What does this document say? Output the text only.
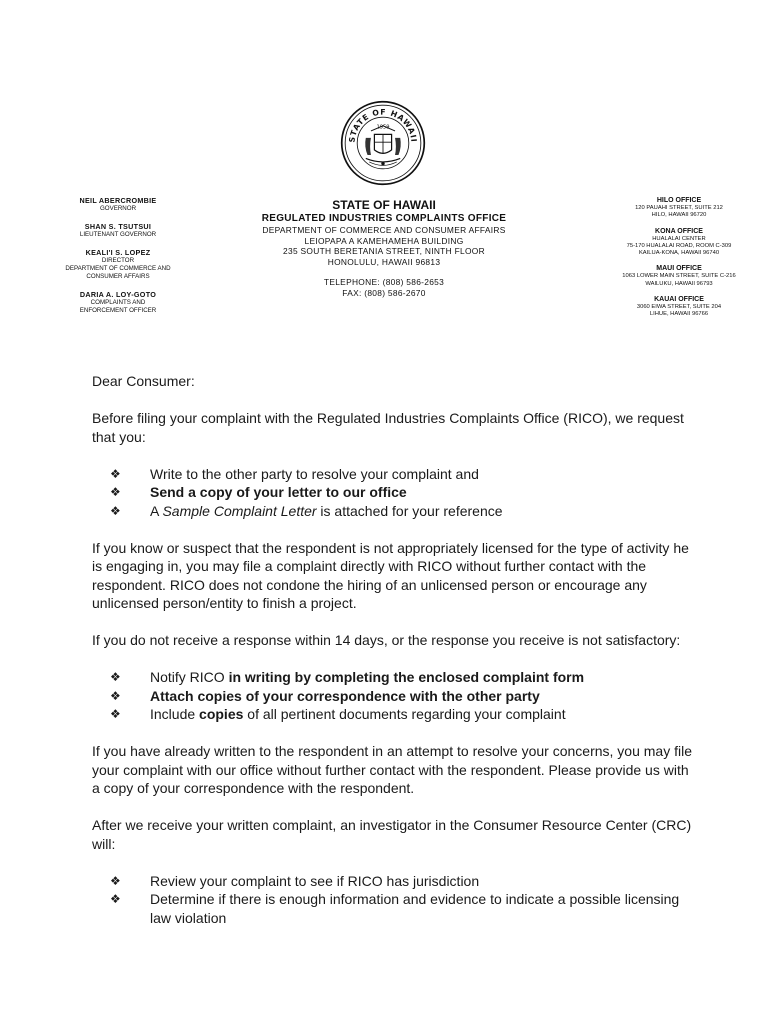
STATE OF HAWAII
1959
NEIL ABERCROMBIE
GOVERNOR
SHAN S. TSUTSUI
LIEUTENANT GOVERNOR
KEALI'I S. LOPEZ
DIRECTOR
DEPARTMENT OF COMMERCE AND
CONSUMER AFFAIRS
DARIA A. LOY-GOTO
COMPLAINTS AND
ENFORCEMENT OFFICER
STATE OF HAWAII
REGULATED INDUSTRIES COMPLAINTS OFFICE
DEPARTMENT OF COMMERCE AND CONSUMER AFFAIRS
LEIOPAPA A KAMEHAMEHA BUILDING
235 SOUTH BERETANIA STREET, NINTH FLOOR
HONOLULU, HAWAII 96813
TELEPHONE: (808) 586-2653
FAX: (808) 586-2670
HILO OFFICE
120 PAUAHI STREET, SUITE 212
HILO, HAWAII 96720
KONA OFFICE
HUALALAI CENTER
75-170 HUALALAI ROAD, ROOM C-309
KAILUA-KONA, HAWAII 96740
MAUI OFFICE
1063 LOWER MAIN STREET, SUITE C-216
WAILUKU, HAWAII 96793
KAUAI OFFICE
3060 EIWA STREET, SUITE 204
LIHUE, HAWAII 96766

Dear Consumer:

Before filing your complaint with the Regulated Industries Complaints Office (RICO), we request that you:

❖ Write to the other party to resolve your complaint and
❖ Send a copy of your letter to our office
❖ A Sample Complaint Letter is attached for your reference

If you know or suspect that the respondent is not appropriately licensed for the type of activity he is engaging in, you may file a complaint directly with RICO without further contact with the respondent. RICO does not condone the hiring of an unlicensed person or encourage any unlicensed person/entity to finish a project.

If you do not receive a response within 14 days, or the response you receive is not satisfactory:

❖ Notify RICO in writing by completing the enclosed complaint form
❖ Attach copies of your correspondence with the other party
❖ Include copies of all pertinent documents regarding your complaint

If you have already written to the respondent in an attempt to resolve your concerns, you may file your complaint with our office without further contact with the respondent. Please provide us with a copy of your correspondence with the respondent.

After we receive your written complaint, an investigator in the Consumer Resource Center (CRC) will:

❖ Review your complaint to see if RICO has jurisdiction
❖ Determine if there is enough information and evidence to indicate a possible licensing law violation
